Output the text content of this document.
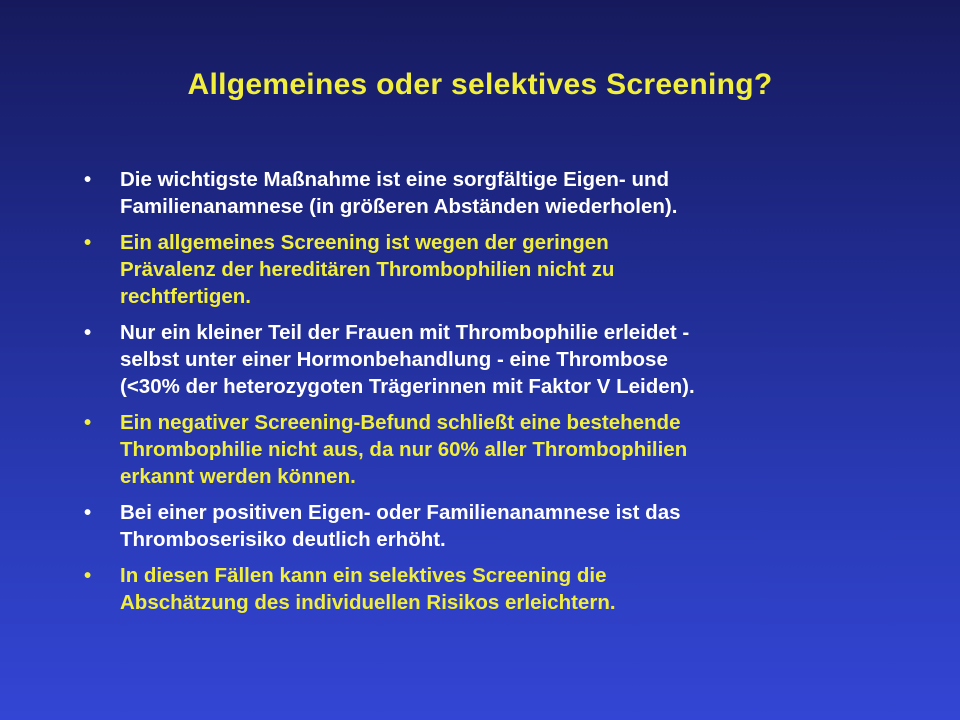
Allgemeines oder selektives Screening?
• Die wichtigste Maßnahme ist eine sorgfältige Eigen- und
Familienanamnese (in größeren Abständen wiederholen).
• Ein allgemeines Screening ist wegen der geringen
Prävalenz der hereditären Thrombophilien nicht zu
rechtfertigen.
• Nur ein kleiner Teil der Frauen mit Thrombophilie erleidet -
selbst unter einer Hormonbehandlung - eine Thrombose
(<30% der heterozygoten Trägerinnen mit Faktor V Leiden).
• Ein negativer Screening-Befund schließt eine bestehende
Thrombophilie nicht aus, da nur 60% aller Thrombophilien
erkannt werden können.
• Bei einer positiven Eigen- oder Familienanamnese ist das
Thromboserisiko deutlich erhöht.
• In diesen Fällen kann ein selektives Screening die
Abschätzung des individuellen Risikos erleichtern.
